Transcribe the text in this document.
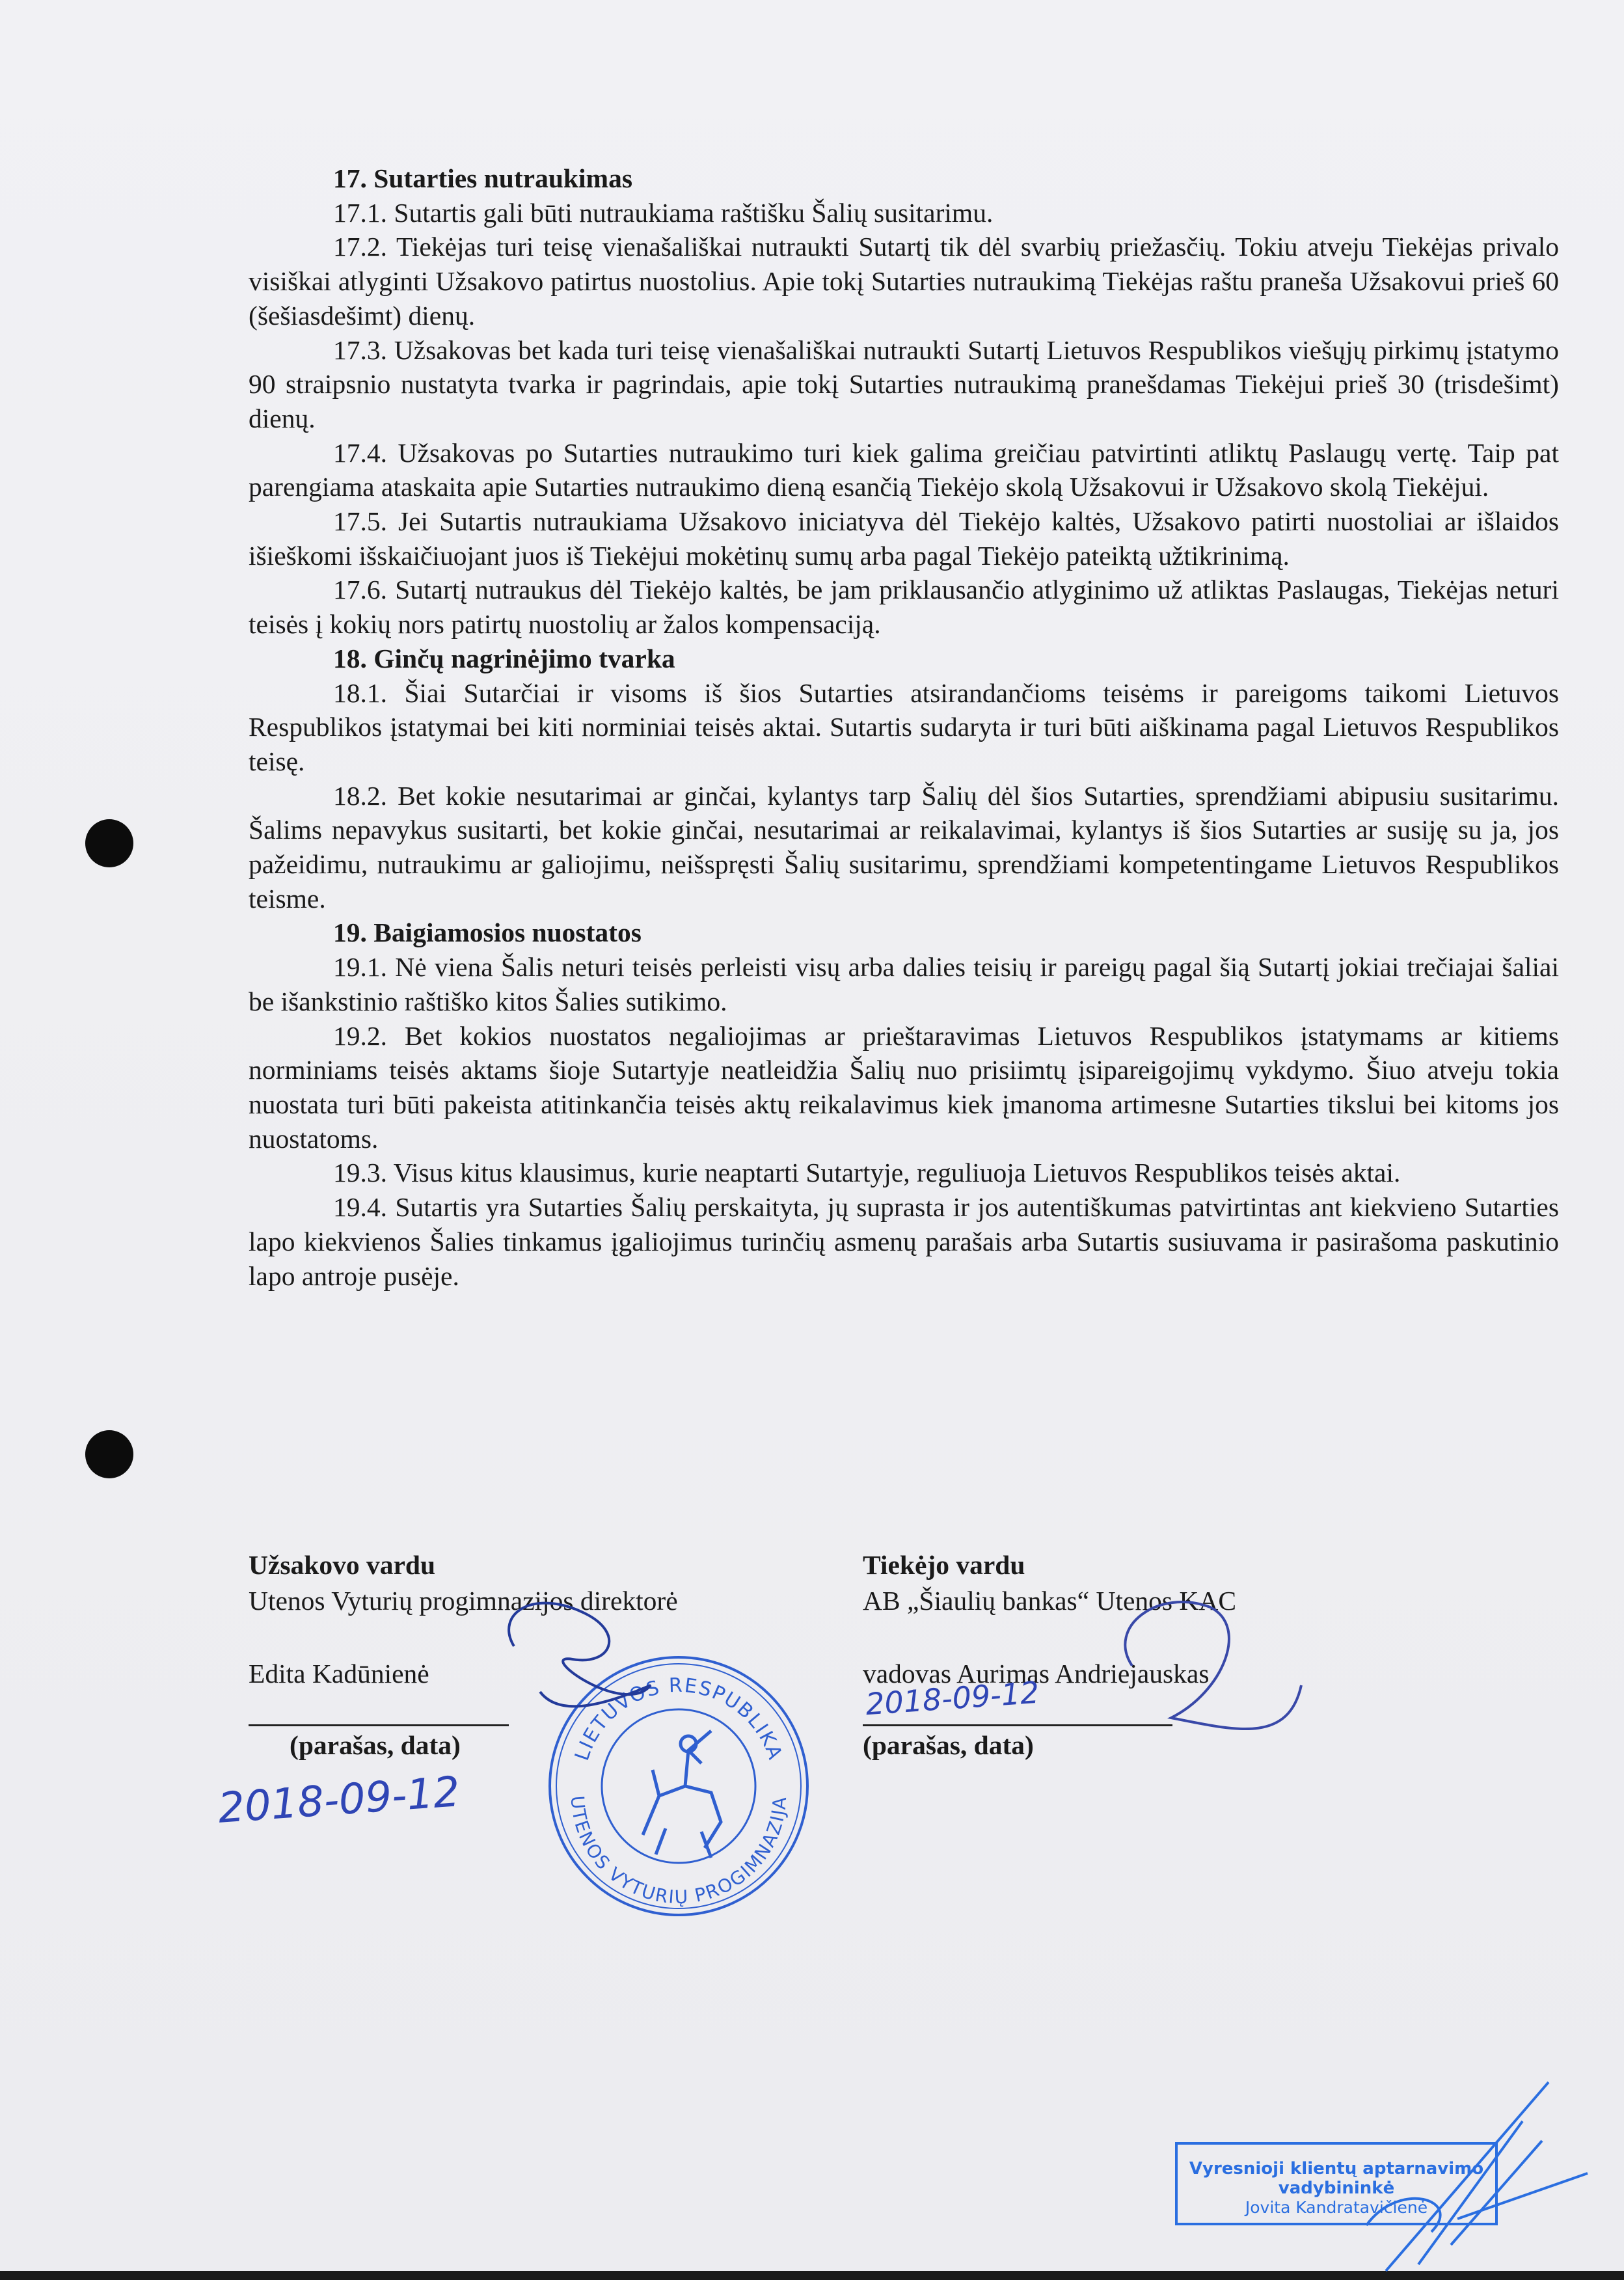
17. Sutarties nutraukimas
17.1. Sutartis gali būti nutraukiama raštišku Šalių susitarimu.
17.2. Tiekėjas turi teisę vienašališkai nutraukti Sutartį tik dėl svarbių priežasčių. Tokiu atveju Tiekėjas privalo visiškai atlyginti Užsakovo patirtus nuostolius. Apie tokį Sutarties nutraukimą Tiekėjas raštu praneša Užsakovui prieš 60 (šešiasdešimt) dienų.
17.3. Užsakovas bet kada turi teisę vienašališkai nutraukti Sutartį Lietuvos Respublikos viešųjų pirkimų įstatymo 90 straipsnio nustatyta tvarka ir pagrindais, apie tokį Sutarties nutraukimą pranešdamas Tiekėjui prieš 30 (trisdešimt) dienų.
17.4. Užsakovas po Sutarties nutraukimo turi kiek galima greičiau patvirtinti atliktų Paslaugų vertę. Taip pat parengiama ataskaita apie Sutarties nutraukimo dieną esančią Tiekėjo skolą Užsakovui ir Užsakovo skolą Tiekėjui.
17.5. Jei Sutartis nutraukiama Užsakovo iniciatyva dėl Tiekėjo kaltės, Užsakovo patirti nuostoliai ar išlaidos išieškomi išskaičiuojant juos iš Tiekėjui mokėtinų sumų arba pagal Tiekėjo pateiktą užtikrinimą.
17.6. Sutartį nutraukus dėl Tiekėjo kaltės, be jam priklausančio atlyginimo už atliktas Paslaugas, Tiekėjas neturi teisės į kokių nors patirtų nuostolių ar žalos kompensaciją.
18. Ginčų nagrinėjimo tvarka
18.1. Šiai Sutarčiai ir visoms iš šios Sutarties atsirandančioms teisėms ir pareigoms taikomi Lietuvos Respublikos įstatymai bei kiti norminiai teisės aktai. Sutartis sudaryta ir turi būti aiškinama pagal Lietuvos Respublikos teisę.
18.2. Bet kokie nesutarimai ar ginčai, kylantys tarp Šalių dėl šios Sutarties, sprendžiami abipusiu susitarimu. Šalims nepavykus susitarti, bet kokie ginčai, nesutarimai ar reikalavimai, kylantys iš šios Sutarties ar susiję su ja, jos pažeidimu, nutraukimu ar galiojimu, neišspręsti Šalių susitarimu, sprendžiami kompetentingame Lietuvos Respublikos teisme.
19. Baigiamosios nuostatos
19.1. Nė viena Šalis neturi teisės perleisti visų arba dalies teisių ir pareigų pagal šią Sutartį jokiai trečiajai šaliai be išankstinio raštiško kitos Šalies sutikimo.
19.2. Bet kokios nuostatos negaliojimas ar prieštaravimas Lietuvos Respublikos įstatymams ar kitiems norminiams teisės aktams šioje Sutartyje neatleidžia Šalių nuo prisiimtų įsipareigojimų vykdymo. Šiuo atveju tokia nuostata turi būti pakeista atitinkančia teisės aktų reikalavimus kiek įmanoma artimesne Sutarties tikslui bei kitoms jos nuostatoms.
19.3. Visus kitus klausimus, kurie neaptarti Sutartyje, reguliuoja Lietuvos Respublikos teisės aktai.
19.4. Sutartis yra Sutarties Šalių perskaityta, jų suprasta ir jos autentiškumas patvirtintas ant kiekvieno Sutarties lapo kiekvienos Šalies tinkamus įgaliojimus turinčių asmenų parašais arba Sutartis susiuvama ir pasirašoma paskutinio lapo antroje pusėje.
Užsakovo vardu
Utenos Vyturių progimnazijos direktorė
Edita Kadūnienė
(parašas, data)
2018-09-12
Tiekėjo vardu
AB „Šiaulių bankas“ Utenos KAC
vadovas Aurimas Andriejauskas
(parašas, data)
2018-09-12
LIETUVOS RESPUBLIKA
UTENOS VYTURIŲ PROGIMNAZIJA
Vyresnioji klientų aptarnavimo
vadybininkė
Jovita Kandratavičienė
